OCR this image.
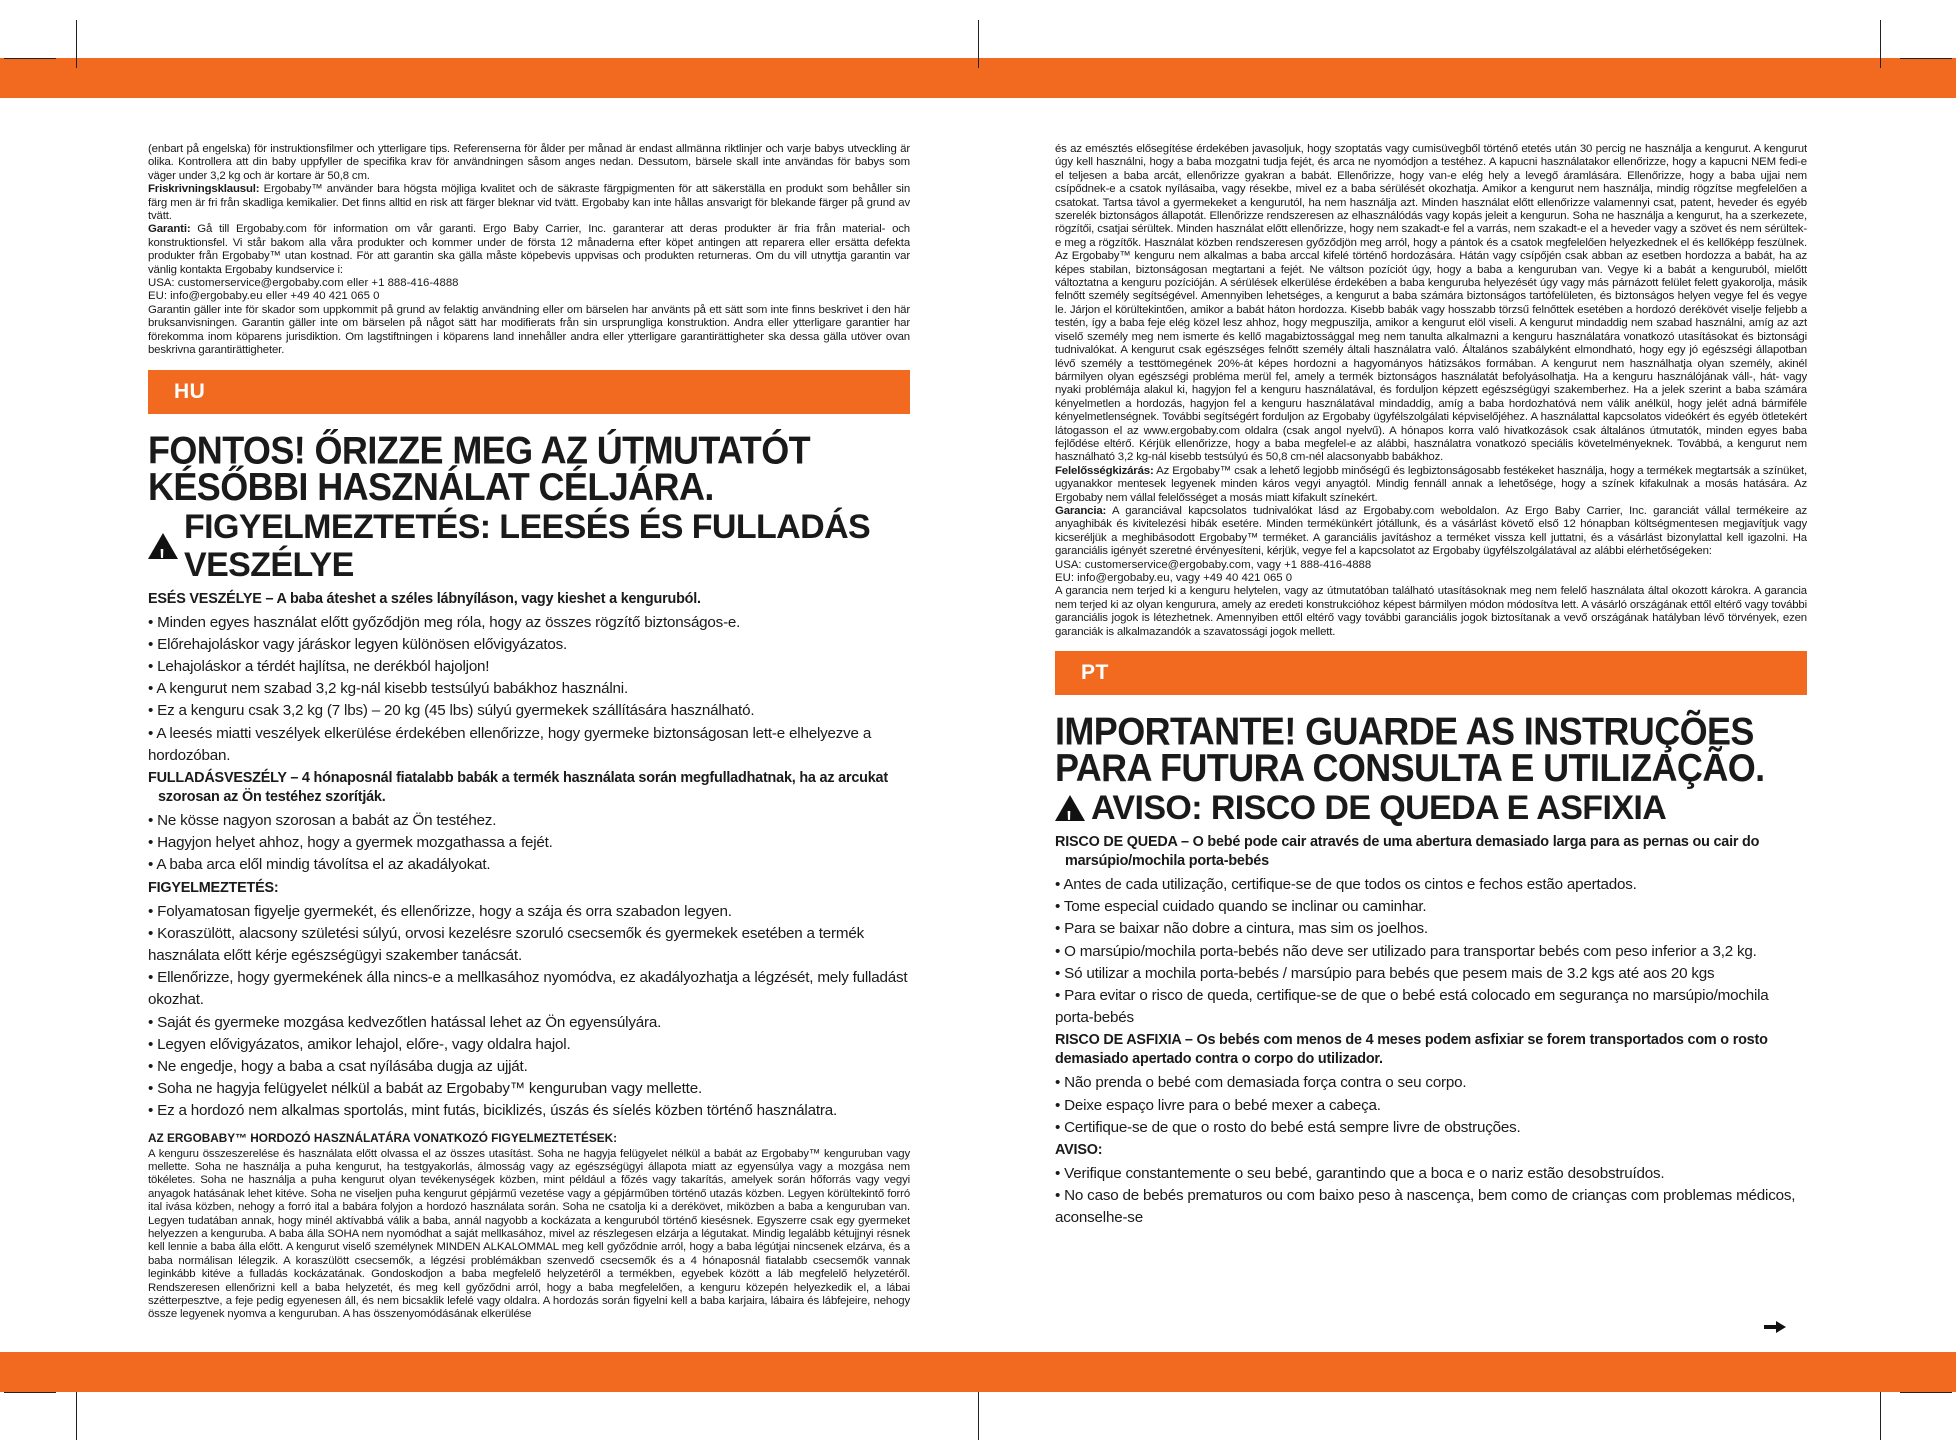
(enbart på engelska) för instruktionsfilmer och ytterligare tips. Referenserna för ålder per månad är endast allmänna riktlinjer och varje babys utveckling är olika. Kontrollera att din baby uppfyller de specifika krav för användningen såsom anges nedan. Dessutom, bärsele skall inte användas för babys som väger under 3,2 kg och är kortare är 50,8 cm.

Friskrivningsklausul: Ergobaby™ använder bara högsta möjliga kvalitet och de säkraste färgpigmenten för att säkerställa en produkt som behåller sin färg men är fri från skadliga kemikalier. Det finns alltid en risk att färger bleknar vid tvätt. Ergobaby kan inte hållas ansvarigt för blekande färger på grund av tvätt.

Garanti: Gå till Ergobaby.com för information om vår garanti. Ergo Baby Carrier, Inc. garanterar att deras produkter är fria från material- och konstruktionsfel. Vi står bakom alla våra produkter och kommer under de första 12 månaderna efter köpet antingen att reparera eller ersätta defekta produkter från Ergobaby™ utan kostnad. För att garantin ska gälla måste köpebevis uppvisas och produkten returneras. Om du vill utnyttja garantin var vänlig kontakta Ergobaby kundservice i:

USA: customerservice@ergobaby.com eller +1 888-416-4888

EU: info@ergobaby.eu eller +49 40 421 065 0

Garantin gäller inte för skador som uppkommit på grund av felaktig användning eller om bärselen har använts på ett sätt som inte finns beskrivet i den här bruksanvisningen. Garantin gäller inte om bärselen på något sätt har modifierats från sin ursprungliga konstruktion. Andra eller ytterligare garantier har förekomma inom köparens jurisdiktion. Om lagstiftningen i köparens land innehåller andra eller ytterligare garantirättigheter ska dessa gälla utöver ovan beskrivna garantirättigheter.

HU
FONTOS! ŐRIZZE MEG AZ ÚTMUTATÓT KÉSŐBBI HASZNÁLAT CÉLJÁRA.
!
FIGYELMEZTETÉS: LEESÉS ÉS FULLADÁS VESZÉLYE
ESÉS VESZÉLYE – A baba áteshet a széles lábnyíláson, vagy kieshet a kenguruból.
• Minden egyes használat előtt győződjön meg róla, hogy az összes rögzítő biztonságos-e.
• Előrehajoláskor vagy járáskor legyen különösen elővigyázatos.
• Lehajoláskor a térdét hajlítsa, ne derékból hajoljon!
• A kengurut nem szabad 3,2 kg-nál kisebb testsúlyú babákhoz használni.
• Ez a kenguru csak 3,2 kg (7 lbs) – 20 kg (45 lbs) súlyú gyermekek szállítására használható.
• A leesés miatti veszélyek elkerülése érdekében ellenőrizze, hogy gyermeke biztonságosan lett-e elhelyezve a hordozóban.
FULLADÁSVESZÉLY – 4 hónaposnál fiatalabb babák a termék használata során megfulladhatnak, ha az arcukat szorosan az Ön testéhez szorítják.
• Ne kösse nagyon szorosan a babát az Ön testéhez.
• Hagyjon helyet ahhoz, hogy a gyermek mozgathassa a fejét.
• A baba arca elől mindig távolítsa el az akadályokat.
FIGYELMEZTETÉS:
• Folyamatosan figyelje gyermekét, és ellenőrizze, hogy a szája és orra szabadon legyen.
• Koraszülött, alacsony születési súlyú, orvosi kezelésre szoruló csecsemők és gyermekek esetében a termék használata előtt kérje egészségügyi szakember tanácsát.
• Ellenőrizze, hogy gyermekének álla nincs-e a mellkasához nyomódva, ez akadályozhatja a légzését, mely fulladást okozhat.
• Saját és gyermeke mozgása kedvezőtlen hatással lehet az Ön egyensúlyára.
• Legyen elővigyázatos, amikor lehajol, előre-, vagy oldalra hajol.
• Ne engedje, hogy a baba a csat nyílásába dugja az ujját.
• Soha ne hagyja felügyelet nélkül a babát az Ergobaby™ kenguruban vagy mellette.
• Ez a hordozó nem alkalmas sportolás, mint futás, biciklizés, úszás és síelés közben történő használatra.
AZ ERGOBABY™ HORDOZÓ HASZNÁLATÁRA VONATKOZÓ FIGYELMEZTETÉSEK:

A kenguru összeszerelése és használata előtt olvassa el az összes utasítást. Soha ne hagyja felügyelet nélkül a babát az Ergobaby™ kenguruban vagy mellette. Soha ne használja a puha kengurut, ha testgyakorlás, álmosság vagy az egészségügyi állapota miatt az egyensúlya vagy a mozgása nem tökéletes. Soha ne használja a puha kengurut olyan tevékenységek közben, mint például a főzés vagy takarítás, amelyek során hőforrás vagy vegyi anyagok hatásának lehet kitéve. Soha ne viseljen puha kengurut gépjármű vezetése vagy a gépjárműben történő utazás közben. Legyen körültekintő forró ital ivása közben, nehogy a forró ital a babára folyjon a hordozó használata során. Soha ne csatolja ki a derékövet, miközben a baba a kenguruban van. Legyen tudatában annak, hogy minél aktívabbá válik a baba, annál nagyobb a kockázata a kenguruból történő kiesésnek. Egyszerre csak egy gyermeket helyezzen a kenguruba. A baba álla SOHA nem nyomódhat a saját mellkasához, mivel az részlegesen elzárja a légutakat. Mindig legalább kétujjnyi résnek kell lennie a baba álla előtt. A kengurut viselő személynek MINDEN ALKALOMMAL meg kell győződnie arról, hogy a baba légútjai nincsenek elzárva, és a baba normálisan lélegzik. A koraszülött csecsemők, a légzési problémákban szenvedő csecsemők és a 4 hónaposnál fiatalabb csecsemők vannak leginkább kitéve a fulladás kockázatának. Gondoskodjon a baba megfelelő helyzetéről a termékben, egyebek között a láb megfelelő helyzetéről. Rendszeresen ellenőrizni kell a baba helyzetét, és meg kell győződni arról, hogy a baba megfelelően, a kenguru közepén helyezkedik el, a lábai szétterpesztve, a feje pedig egyenesen áll, és nem bicsaklik lefelé vagy oldalra. A hordozás során figyelni kell a baba karjaira, lábaira és lábfejeire, nehogy össze legyenek nyomva a kenguruban. A has összenyomódásának elkerülése

és az emésztés elősegítése érdekében javasoljuk, hogy szoptatás vagy cumisüvegből történő etetés után 30 percig ne használja a kengurut. A kengurut úgy kell használni, hogy a baba mozgatni tudja fejét, és arca ne nyomódjon a testéhez. A kapucni használatakor ellenőrizze, hogy a kapucni NEM fedi-e el teljesen a baba arcát, ellenőrizze gyakran a babát. Ellenőrizze, hogy van-e elég hely a levegő áramlására. Ellenőrizze, hogy a baba ujjai nem csípődnek-e a csatok nyílásaiba, vagy résekbe, mivel ez a baba sérülését okozhatja. Amikor a kengurut nem használja, mindig rögzítse megfelelően a csatokat. Tartsa távol a gyermekeket a kengurutól, ha nem használja azt. Minden használat előtt ellenőrizze valamennyi csat, patent, heveder és egyéb szerelék biztonságos állapotát. Ellenőrizze rendszeresen az elhasználódás vagy kopás jeleit a kengurun. Soha ne használja a kengurut, ha a szerkezete, rögzítői, csatjai sérültek. Minden használat előtt ellenőrizze, hogy nem szakadt-e fel a varrás, nem szakadt-e el a heveder vagy a szövet és nem sérültek-e meg a rögzítők. Használat közben rendszeresen győződjön meg arról, hogy a pántok és a csatok megfelelően helyezkednek el és kellőképp feszülnek. Az Ergobaby™ kenguru nem alkalmas a baba arccal kifelé történő hordozására. Hátán vagy csípőjén csak abban az esetben hordozza a babát, ha az képes stabilan, biztonságosan megtartani a fejét. Ne váltson pozíciót úgy, hogy a baba a kenguruban van. Vegye ki a babát a kenguruból, mielőtt változtatna a kenguru pozícióján. A sérülések elkerülése érdekében a baba kenguruba helyezését úgy vagy más párnázott felület felett gyakorolja, másik felnőtt személy segítségével. Amennyiben lehetséges, a kengurut a baba számára biztonságos tartófelületen, és biztonságos helyen vegye fel és vegye le. Járjon el körültekintően, amikor a babát háton hordozza. Kisebb babák vagy hosszabb törzsű felnőttek esetében a hordozó derékövét viselje feljebb a testén, így a baba feje elég közel lesz ahhoz, hogy megpuszilja, amikor a kengurut elöl viseli. A kengurut mindaddig nem szabad használni, amíg az azt viselő személy meg nem ismerte és kellő magabiztossággal meg nem tanulta alkalmazni a kenguru használatára vonatkozó utasításokat és biztonsági tudnivalókat. A kengurut csak egészséges felnőtt személy általi használatra való. Általános szabályként elmondható, hogy egy jó egészségi állapotban lévő személy a testtömegének 20%-át képes hordozni a hagyományos hátizsákos formában. A kengurut nem használhatja olyan személy, akinél bármilyen olyan egészségi probléma merül fel, amely a termék biztonságos használatát befolyásolhatja. Ha a kenguru használójának váll-, hát- vagy nyaki problémája alakul ki, hagyjon fel a kenguru használatával, és forduljon képzett egészségügyi szakemberhez. Ha a jelek szerint a baba számára kényelmetlen a hordozás, hagyjon fel a kenguru használatával mindaddig, amíg a baba hordozhatóvá nem válik anélkül, hogy jelét adná bármiféle kényelmetlenségnek. További segítségért forduljon az Ergobaby ügyfélszolgálati képviselőjéhez. A használattal kapcsolatos videókért és egyéb ötletekért látogasson el az www.ergobaby.com oldalra (csak angol nyelvű). A hónapos korra való hivatkozások csak általános útmutatók, minden egyes baba fejlődése eltérő. Kérjük ellenőrizze, hogy a baba megfelel-e az alábbi, használatra vonatkozó speciális követelményeknek. Továbbá, a kengurut nem használható 3,2 kg-nál kisebb testsúlyú és 50,8 cm-nél alacsonyabb babákhoz.

Felelősségkizárás: Az Ergobaby™ csak a lehető legjobb minőségű és legbiztonságosabb festékeket használja, hogy a termékek megtartsák a színüket, ugyanakkor mentesek legyenek minden káros vegyi anyagtól. Mindig fennáll annak a lehetősége, hogy a színek kifakulnak a mosás hatására. Az Ergobaby nem vállal felelősséget a mosás miatt kifakult színekért.

Garancia: A garanciával kapcsolatos tudnivalókat lásd az Ergobaby.com weboldalon. Az Ergo Baby Carrier, Inc. garanciát vállal termékeire az anyaghibák és kivitelezési hibák esetére. Minden termékünkért jótállunk, és a vásárlást követő első 12 hónapban költségmentesen megjavítjuk vagy kicseréljük a meghibásodott Ergobaby™ terméket. A garanciális javításhoz a terméket vissza kell juttatni, és a vásárlást bizonylattal kell igazolni. Ha garanciális igényét szeretné érvényesíteni, kérjük, vegye fel a kapcsolatot az Ergobaby ügyfélszolgálatával az alábbi elérhetőségeken:

USA: customerservice@ergobaby.com, vagy +1 888-416-4888

EU: info@ergobaby.eu, vagy +49 40 421 065 0

A garancia nem terjed ki a kenguru helytelen, vagy az útmutatóban található utasításoknak meg nem felelő használata által okozott károkra. A garancia nem terjed ki az olyan kengurura, amely az eredeti konstrukcióhoz képest bármilyen módon módosítva lett. A vásárló országának ettől eltérő vagy további garanciális jogok is létezhetnek. Amennyiben ettől eltérő vagy további garanciális jogok biztosítanak a vevő országának hatályban lévő törvények, ezen garanciák is alkalmazandók a szavatossági jogok mellett.

PT
IMPORTANTE! GUARDE AS INSTRUÇÕES PARA FUTURA CONSULTA E UTILIZAÇÃO.
!
AVISO: RISCO DE QUEDA E ASFIXIA
RISCO DE QUEDA – O bebé pode cair através de uma abertura demasiado larga para as pernas ou cair do marsúpio/mochila porta-bebés
• Antes de cada utilização, certifique-se de que todos os cintos e fechos estão apertados.
• Tome especial cuidado quando se inclinar ou caminhar.
• Para se baixar não dobre a cintura, mas sim os joelhos.
• O marsúpio/mochila porta-bebés não deve ser utilizado para transportar bebés com peso inferior a 3,2 kg.
• Só utilizar a mochila porta-bebés / marsúpio para bebés que pesem mais de 3.2 kgs até aos 20 kgs
• Para evitar o risco de queda, certifique-se de que o bebé está colocado em segurança no marsúpio/mochila porta-bebés
RISCO DE ASFIXIA – Os bebés com menos de 4 meses podem asfixiar se forem transportados com o rosto demasiado apertado contra o corpo do utilizador.
• Não prenda o bebé com demasiada força contra o seu corpo.
• Deixe espaço livre para o bebé mexer a cabeça.
• Certifique-se de que o rosto do bebé está sempre livre de obstruções.
AVISO:
• Verifique constantemente o seu bebé, garantindo que a boca e o nariz estão desobstruídos.
• No caso de bebés prematuros ou com baixo peso à nascença, bem como de crianças com problemas médicos, aconselhe-se
